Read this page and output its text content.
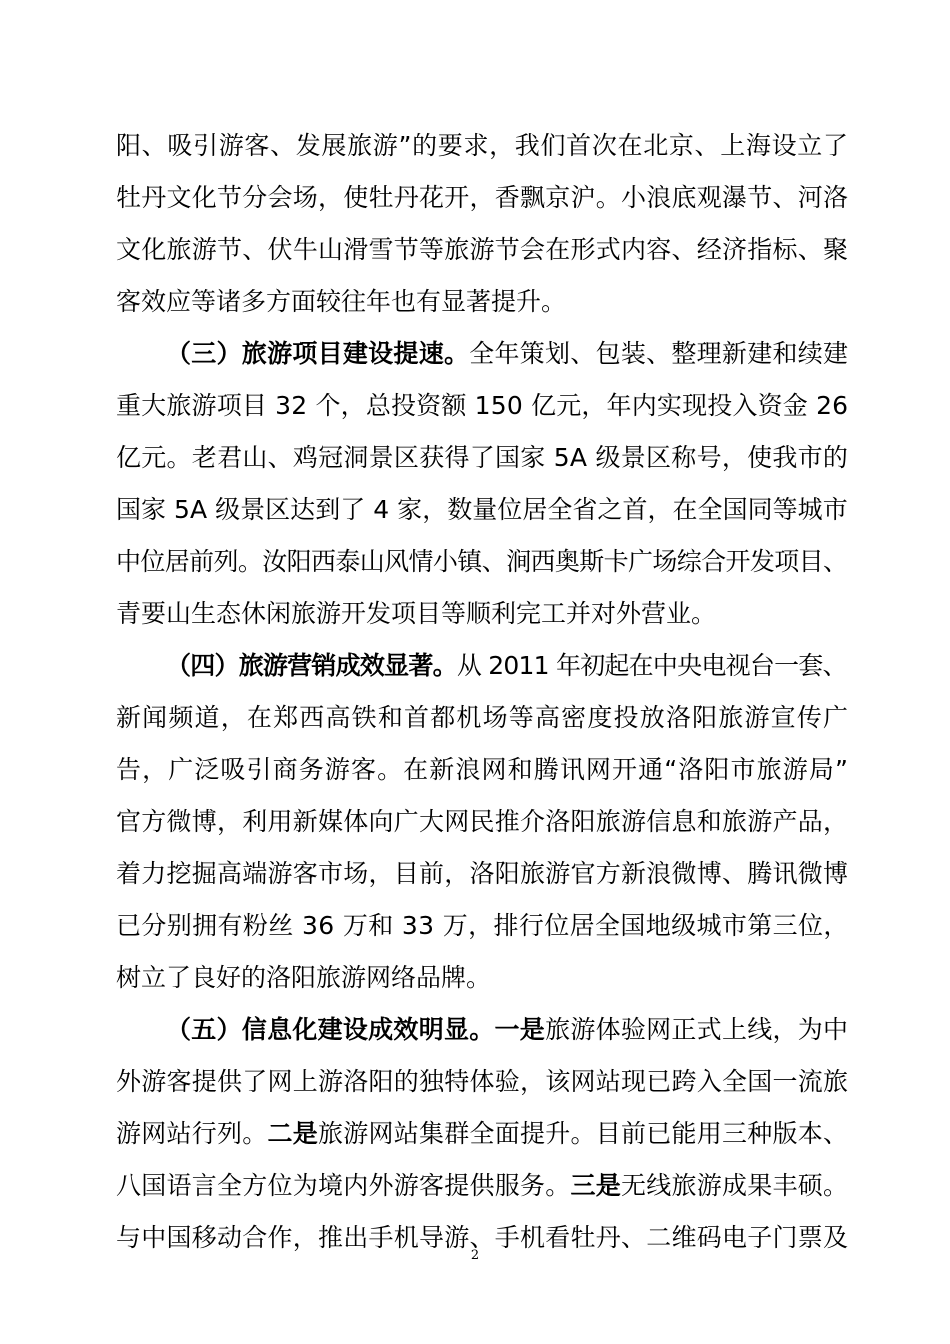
阳、吸引游客、发展旅游”的要求，我们首次在北京、上海设立了
牡丹文化节分会场，使牡丹花开，香飘京沪。小浪底观瀑节、河洛
文化旅游节、伏牛山滑雪节等旅游节会在形式内容、经济指标、聚
客效应等诸多方面较往年也有显著提升。
（三）旅游项目建设提速。全年策划、包装、整理新建和续建
重大旅游项目 32 个，总投资额 150 亿元，年内实现投入资金 26
亿元。老君山、鸡冠洞景区获得了国家 5A 级景区称号，使我市的
国家 5A 级景区达到了 4 家，数量位居全省之首，在全国同等城市
中位居前列。汝阳西泰山风情小镇、涧西奥斯卡广场综合开发项目、
青要山生态休闲旅游开发项目等顺利完工并对外营业。
（四）旅游营销成效显著。从 2011 年初起在中央电视台一套、
新闻频道，在郑西高铁和首都机场等高密度投放洛阳旅游宣传广
告，广泛吸引商务游客。在新浪网和腾讯网开通“洛阳市旅游局”
官方微博，利用新媒体向广大网民推介洛阳旅游信息和旅游产品，
着力挖掘高端游客市场，目前，洛阳旅游官方新浪微博、腾讯微博
已分别拥有粉丝 36 万和 33 万，排行位居全国地级城市第三位，
树立了良好的洛阳旅游网络品牌。
（五）信息化建设成效明显。一是旅游体验网正式上线，为中
外游客提供了网上游洛阳的独特体验，该网站现已跨入全国一流旅
游网站行列。二是旅游网站集群全面提升。目前已能用三种版本、
八国语言全方位为境内外游客提供服务。三是无线旅游成果丰硕。
与中国移动合作，推出手机导游、手机看牡丹、二维码电子门票及
2
